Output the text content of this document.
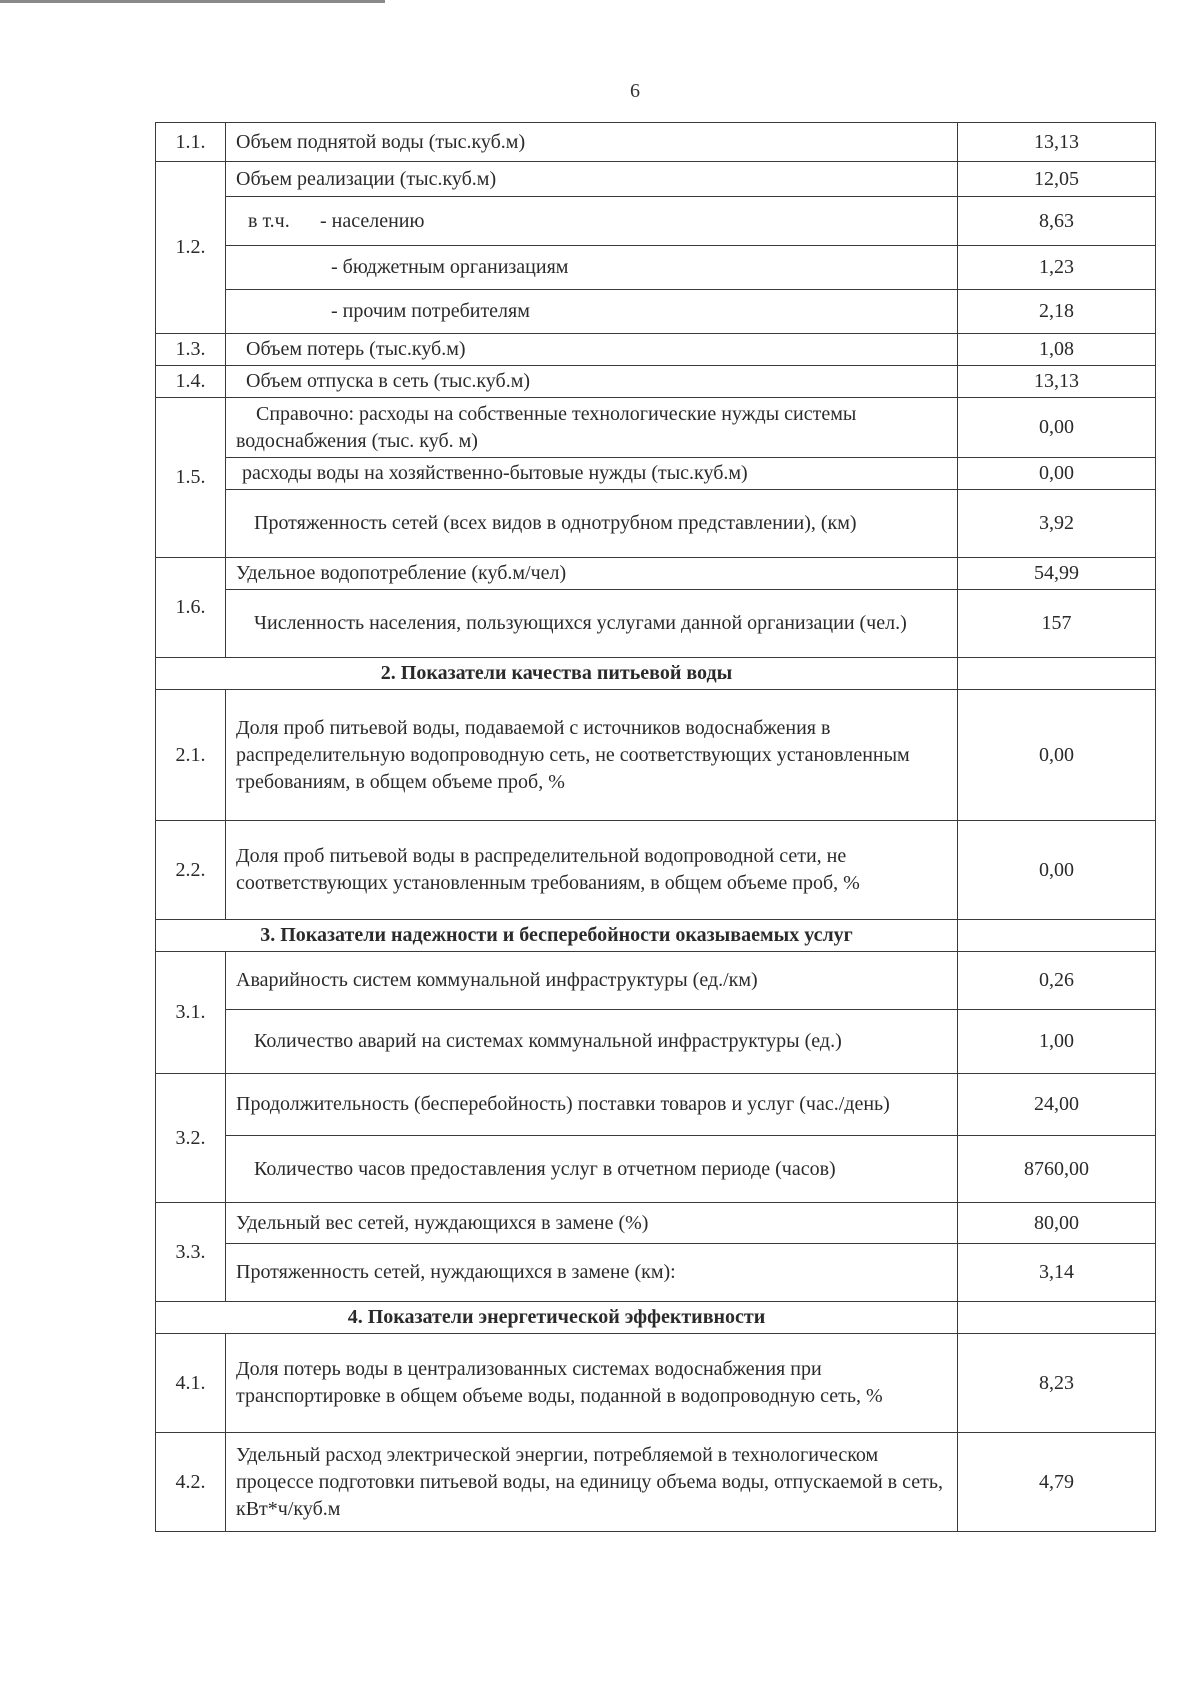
6
1.1.	Объем поднятой воды (тыс.куб.м)	13,13
1.2.	Объем реализации (тыс.куб.м)	12,05
	в т.ч. - населению	8,63
	- бюджетным организациям	1,23
	- прочим потребителям	2,18
1.3.	Объем потерь (тыс.куб.м)	1,08
1.4.	Объем отпуска в сеть (тыс.куб.м)	13,13
1.5.	Справочно: расходы на собственные технологические нужды системы водоснабжения (тыс. куб. м)	0,00
	расходы воды на хозяйственно-бытовые нужды (тыс.куб.м)	0,00
	Протяженность сетей (всех видов в однотрубном представлении), (км)	3,92
1.6.	Удельное водопотребление (куб.м/чел)	54,99
	Численность населения, пользующихся услугами данной организации (чел.)	157
2. Показатели качества питьевой воды		
2.1.	Доля проб питьевой воды, подаваемой с источников водоснабжения в распределительную водопроводную сеть, не соответствующих установленным требованиям, в общем объеме проб, %	0,00
2.2.	Доля проб питьевой воды в распределительной водопроводной сети, не соответствующих установленным требованиям, в общем объеме проб, %	0,00
3. Показатели надежности и бесперебойности оказываемых услуг		
3.1.	Аварийность систем коммунальной инфраструктуры (ед./км)	0,26
	Количество аварий на системах коммунальной инфраструктуры (ед.)	1,00
3.2.	Продолжительность (бесперебойность) поставки товаров и услуг (час./день)	24,00
	Количество часов предоставления услуг в отчетном периоде (часов)	8760,00
3.3.	Удельный вес сетей, нуждающихся в замене (%)	80,00
	Протяженность сетей, нуждающихся в замене (км):	3,14
4. Показатели энергетической эффективности		
4.1.	Доля потерь воды в централизованных системах водоснабжения при транспортировке в общем объеме воды, поданной в водопроводную сеть, %	8,23
4.2.	Удельный расход электрической энергии, потребляемой в технологическом процессе подготовки питьевой воды, на единицу объема воды, отпускаемой в сеть, кВт*ч/куб.м	4,79
